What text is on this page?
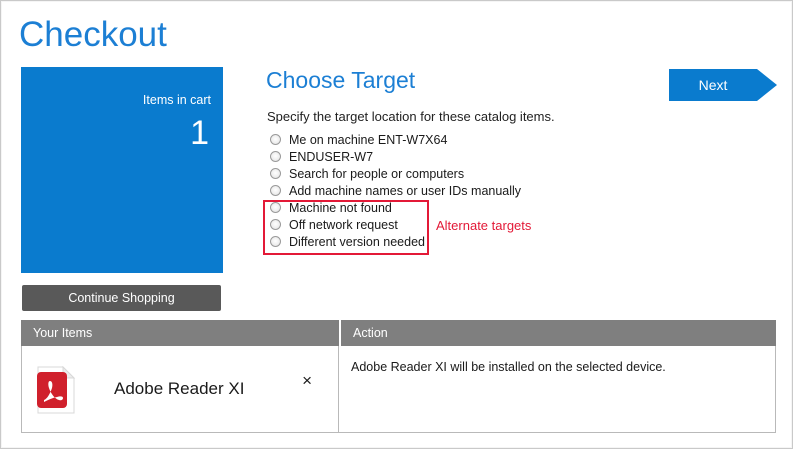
Checkout
Items in cart
1
Continue Shopping
Choose Target
Specify the target location for these catalog items.
Me on machine ENT-W7X64
ENDUSER-W7
Search for people or computers
Add machine names or user IDs manually
Machine not found
Off network request
Different version needed
Alternate targets
Next
Your Items	Action
Adobe Reader XI	×
Adobe Reader XI will be installed on the selected device.
